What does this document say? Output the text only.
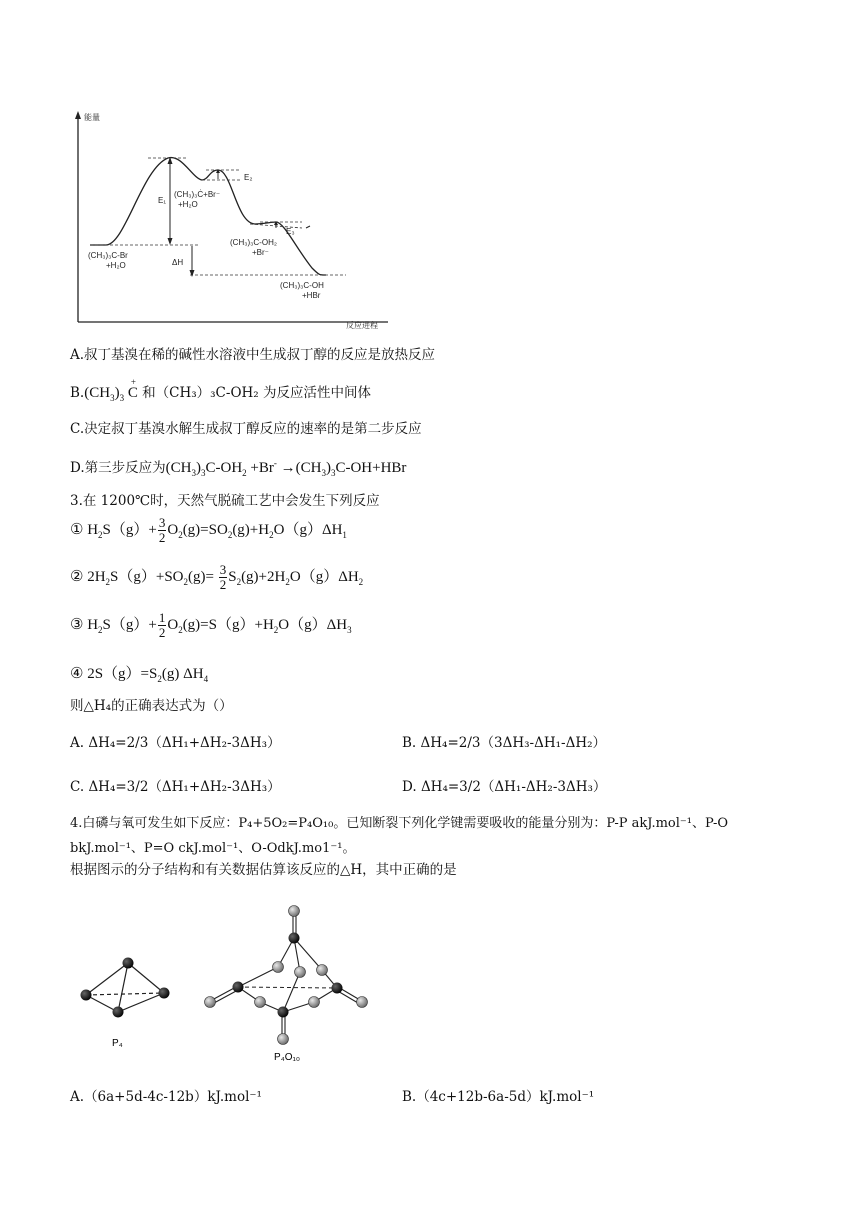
能量
反应进程
E₁
E₂
E₃
ΔH
(CH₃)₃C-Br
+H₂O
(CH₃)₃Ċ+Br⁻
+H₂O
(CH₃)₃C-OH₂
+Br⁻
(CH₃)₃C-OH
+HBr
A.叔丁基溴在稀的碱性水溶液中生成叔丁醇的反应是放热反应
$B.(CH_3)_3$ C
+
和（CH₃）₃C-OH₂ 为反应活性中间体
C.决定叔丁基溴水解生成叔丁醇反应的速率的是第二步反应
D.第三步反应为$(CH_3)_3C-OH_2 +Br^- \to(CH_3)_3C-OH+HBr$
3.在 1200℃时，天然气脱硫工艺中会发生下列反应
① $H_2S(g)+ \frac{3}{2} O_2(g)=SO_2(g)+H_2O(g)\Delta H_1$
② $2H_2S(g)+SO_2(g)= \frac{3}{2} S_2(g)+2H_2O(g)\Delta H_2$
③ $H_2S(g)+ \frac{1}{2} O_2(g)=S(g)+H_2O(g)\Delta H_3$
④ $2S(g)=S_2(g)$ $\Delta H_4$
则△H₄的正确表达式为（）
A. ΔH₄=2/3（ΔH₁+ΔH₂-3ΔH₃）	B. ΔH₄=2/3（3ΔH₃-ΔH₁-ΔH₂）
C. ΔH₄=3/2（ΔH₁+ΔH₂-3ΔH₃）	D. ΔH₄=3/2（ΔH₁-ΔH₂-3ΔH₃）
4.白磷与氧可发生如下反应：P₄+5O₂=P₄O₁₀。已知断裂下列化学键需要吸收的能量分别为：P-P akJ.mol⁻¹、P-O
bkJ.mol⁻¹、P=O ckJ.mol⁻¹、O-OdkJ.mo1⁻¹。
根据图示的分子结构和有关数据估算该反应的△H，其中正确的是
P₄
P₄O₁₀
A.（6a+5d-4c-12b）kJ.mol⁻¹	B.（4c+12b-6a-5d）kJ.mol⁻¹
